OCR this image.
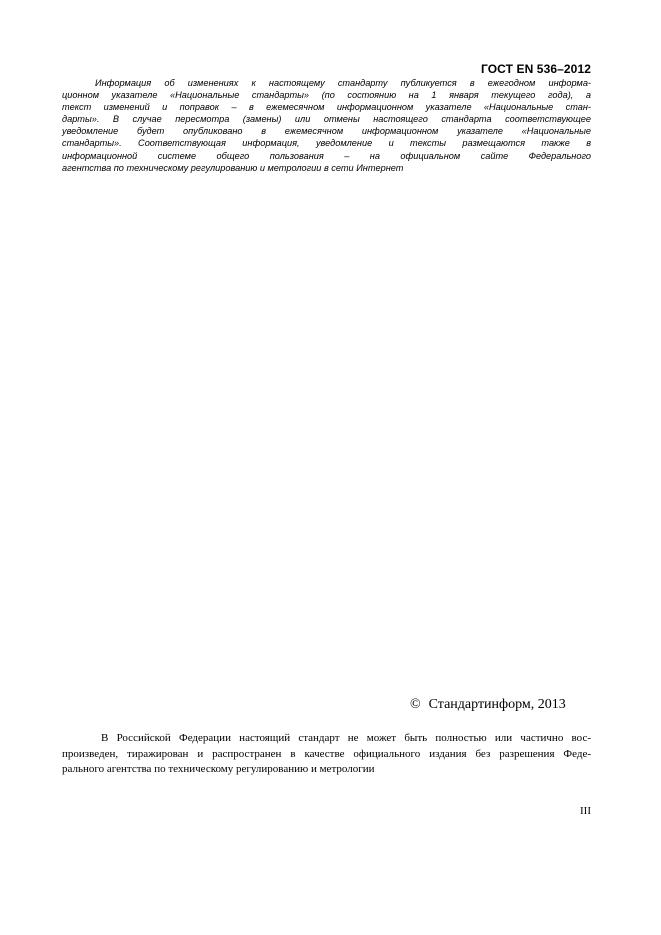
ГОСТ EN 536–2012

Информация об изменениях к настоящему стандарту публикуется в ежегодном информа-
ционном указателе «Национальные стандарты» (по состоянию на 1 января текущего года), а
текст изменений и поправок – в ежемесячном информационном указателе «Национальные стан-
дарты». В случае пересмотра (замены) или отмены настоящего стандарта соответствующее
уведомление будет опубликовано в ежемесячном информационном указателе «Национальные
стандарты». Соответствующая информация, уведомление и тексты размещаются также в
информационной системе общего пользования – на официальном сайте Федерального
агентства по техническому регулированию и метрологии в сети Интернет

© Стандартинформ, 2013

В Российской Федерации настоящий стандарт не может быть полностью или частично вос-
произведен, тиражирован и распространен в качестве официального издания без разрешения Феде-
рального агентства по техническому регулированию и метрологии

III
